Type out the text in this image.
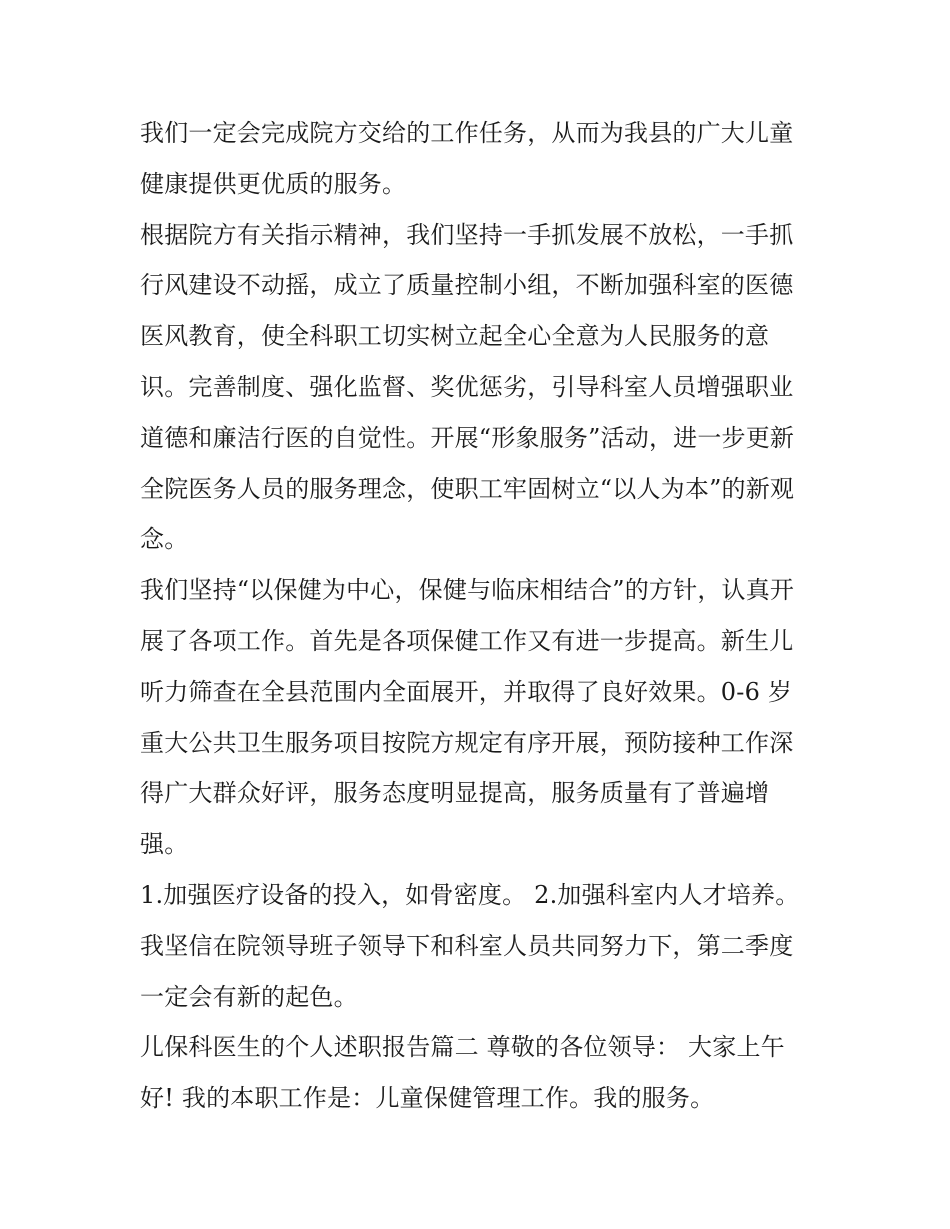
我们一定会完成院方交给的工作任务，从而为我县的广大儿童
健康提供更优质的服务。

根据院方有关指示精神，我们坚持一手抓发展不放松，一手抓
行风建设不动摇，成立了质量控制小组，不断加强科室的医德
医风教育，使全科职工切实树立起全心全意为人民服务的意
识。完善制度、强化监督、奖优惩劣，引导科室人员增强职业
道德和廉洁行医的自觉性。开展“形象服务”活动，进一步更新
全院医务人员的服务理念，使职工牢固树立“以人为本”的新观
念。

我们坚持“以保健为中心，保健与临床相结合”的方针，认真开
展了各项工作。首先是各项保健工作又有进一步提高。新生儿
听力筛查在全县范围内全面展开，并取得了良好效果。0-6 岁
重大公共卫生服务项目按院方规定有序开展，预防接种工作深
得广大群众好评，服务态度明显提高，服务质量有了普遍增
强。

1.加强医疗设备的投入，如骨密度。 2.加强科室内人才培养。

我坚信在院领导班子领导下和科室人员共同努力下，第二季度
一定会有新的起色。

儿保科医生的个人述职报告篇二 尊敬的各位领导： 大家上午
好! 我的本职工作是：儿童保健管理工作。我的服务。
